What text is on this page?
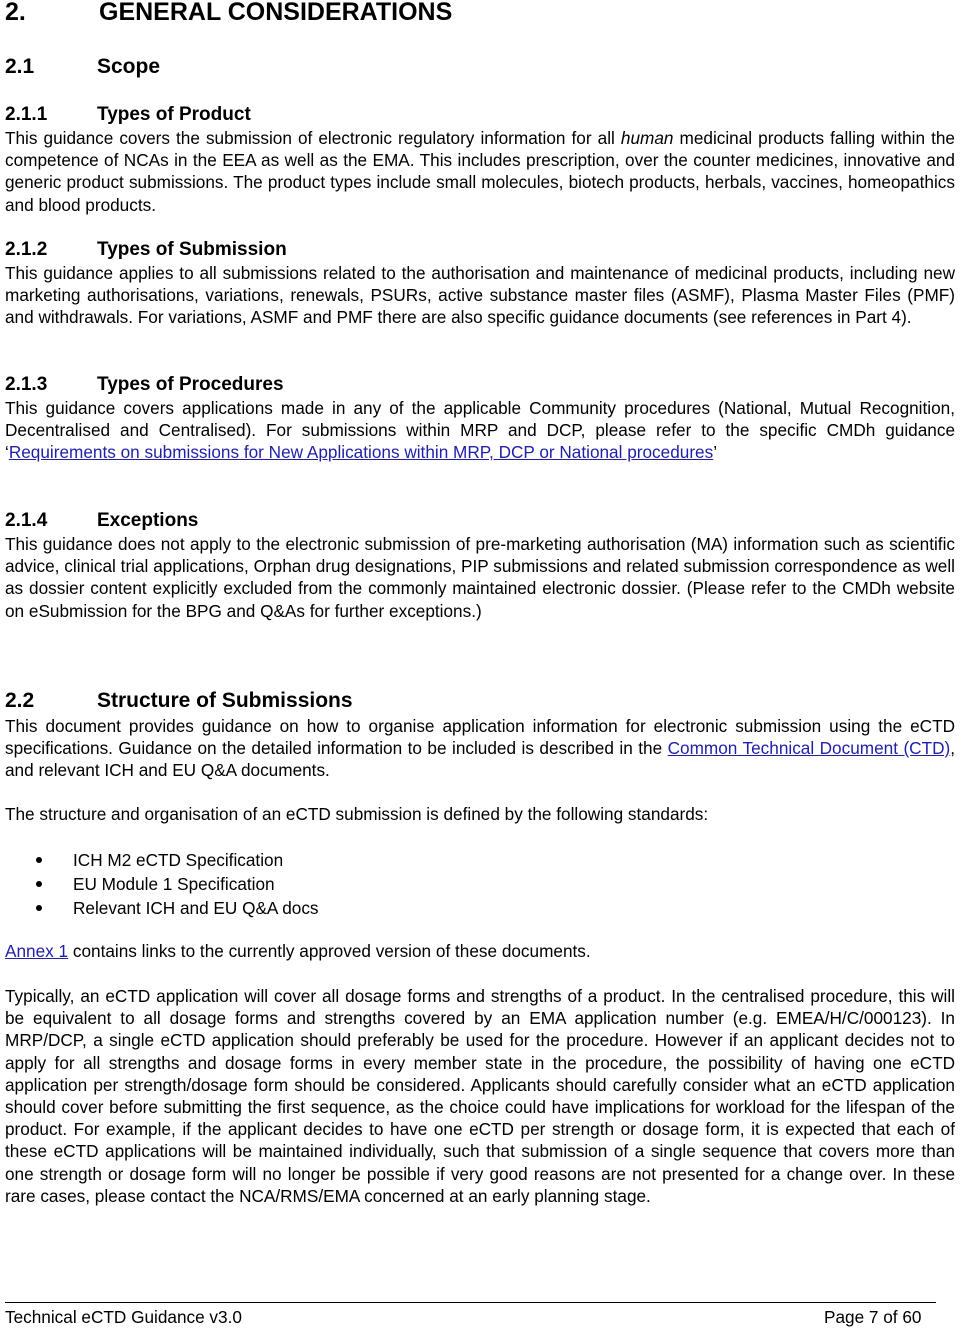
2.	GENERAL CONSIDERATIONS
2.1	Scope
2.1.1	Types of Product

This guidance covers the submission of electronic regulatory information for all human medicinal products falling within the competence of NCAs in the EEA as well as the EMA. This includes prescription, over the counter medicines, innovative and generic product submissions. The product types include small molecules, biotech products, herbals, vaccines, homeopathics and blood products.

2.1.2	Types of Submission

This guidance applies to all submissions related to the authorisation and maintenance of medicinal products, including new marketing authorisations, variations, renewals, PSURs, active substance master files (ASMF), Plasma Master Files (PMF) and withdrawals. For variations, ASMF and PMF there are also specific guidance documents (see references in Part 4).

2.1.3	Types of Procedures

This guidance covers applications made in any of the applicable Community procedures (National, Mutual Recognition, Decentralised and Centralised). For submissions within MRP and DCP, please refer to the specific CMDh guidance ‘Requirements on submissions for New Applications within MRP, DCP or National procedures’

2.1.4	Exceptions

This guidance does not apply to the electronic submission of pre-marketing authorisation (MA) information such as scientific advice, clinical trial applications, Orphan drug designations, PIP submissions and related submission correspondence as well as dossier content explicitly excluded from the commonly maintained electronic dossier. (Please refer to the CMDh website on eSubmission for the BPG and Q&As for further exceptions.)

2.2	Structure of Submissions

This document provides guidance on how to organise application information for electronic submission using the eCTD specifications. Guidance on the detailed information to be included is described in the Common Technical Document (CTD), and relevant ICH and EU Q&A documents.

The structure and organisation of an eCTD submission is defined by the following standards:

ICH M2 eCTD Specification
EU Module 1 Specification
Relevant ICH and EU Q&A docs

Annex 1 contains links to the currently approved version of these documents.

Typically, an eCTD application will cover all dosage forms and strengths of a product. In the centralised procedure, this will be equivalent to all dosage forms and strengths covered by an EMA application number (e.g. EMEA/H/C/000123). In MRP/DCP, a single eCTD application should preferably be used for the procedure. However if an applicant decides not to apply for all strengths and dosage forms in every member state in the procedure, the possibility of having one eCTD application per strength/dosage form should be considered. Applicants should carefully consider what an eCTD application should cover before submitting the first sequence, as the choice could have implications for workload for the lifespan of the product. For example, if the applicant decides to have one eCTD per strength or dosage form, it is expected that each of these eCTD applications will be maintained individually, such that submission of a single sequence that covers more than one strength or dosage form will no longer be possible if very good reasons are not presented for a change over. In these rare cases, please contact the NCA/RMS/EMA concerned at an early planning stage.

Technical eCTD Guidance v3.0	Page 7 of 60
